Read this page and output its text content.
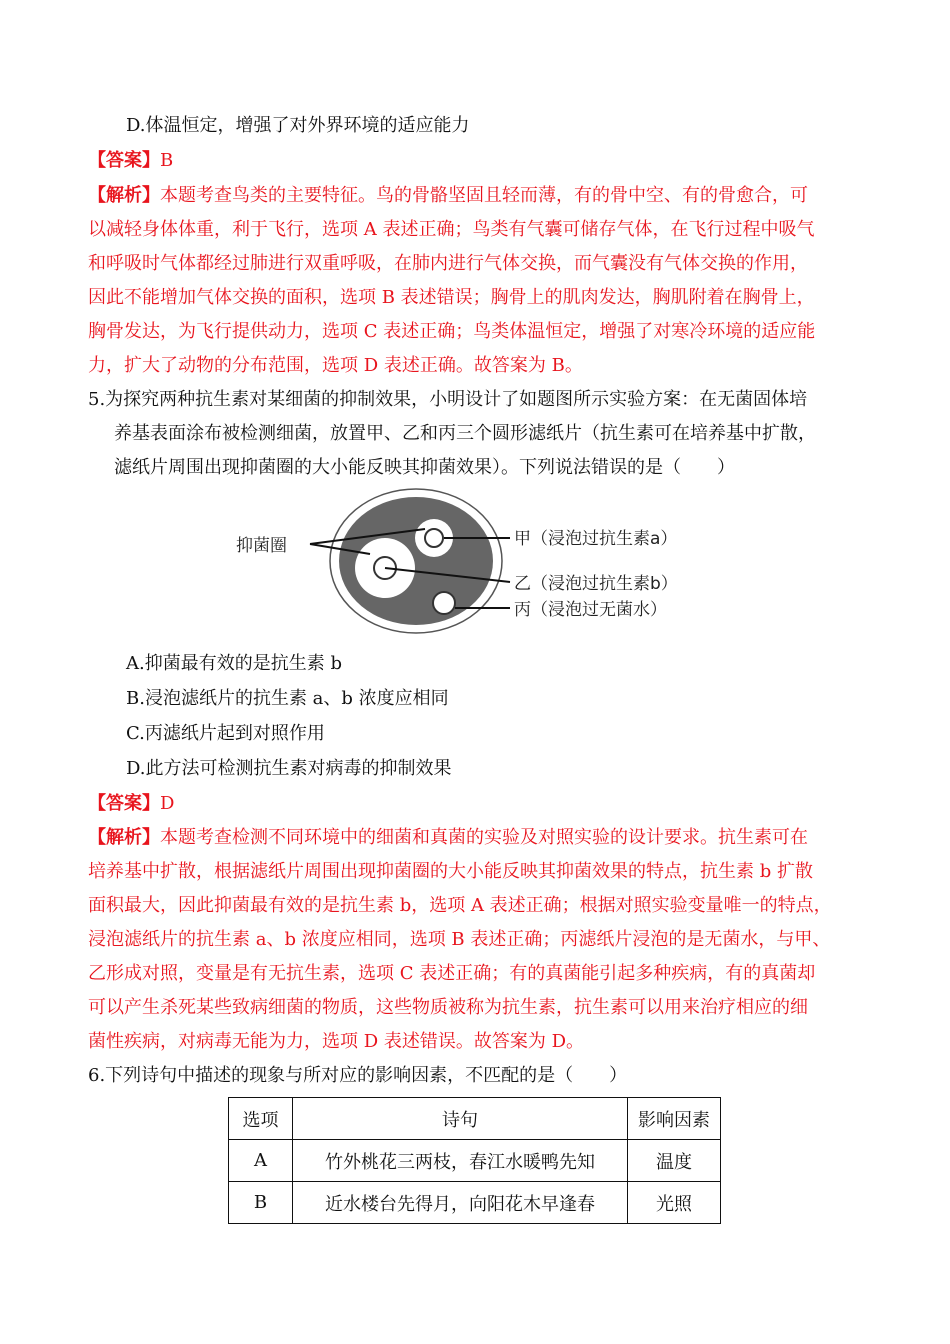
D.体温恒定，增强了对外界环境的适应能力
【答案】B
【解析】本题考查鸟类的主要特征。鸟的骨骼坚固且轻而薄，有的骨中空、有的骨愈合，可
以减轻身体体重，利于飞行，选项 A 表述正确；鸟类有气囊可储存气体，在飞行过程中吸气
和呼吸时气体都经过肺进行双重呼吸，在肺内进行气体交换，而气囊没有气体交换的作用，
因此不能增加气体交换的面积，选项 B 表述错误；胸骨上的肌肉发达，胸肌附着在胸骨上，
胸骨发达，为飞行提供动力，选项 C 表述正确；鸟类体温恒定，增强了对寒冷环境的适应能
力，扩大了动物的分布范围，选项 D 表述正确。故答案为 B。
5.为探究两种抗生素对某细菌的抑制效果，小明设计了如题图所示实验方案：在无菌固体培
养基表面涂布被检测细菌，放置甲、乙和丙三个圆形滤纸片（抗生素可在培养基中扩散，
滤纸片周围出现抑菌圈的大小能反映其抑菌效果）。下列说法错误的是（　　）
抑菌圈	甲（浸泡过抗生素a）
乙（浸泡过抗生素b）
丙（浸泡过无菌水）
A.抑菌最有效的是抗生素 b
B.浸泡滤纸片的抗生素 a、b 浓度应相同
C.丙滤纸片起到对照作用
D.此方法可检测抗生素对病毒的抑制效果
【答案】D
【解析】本题考查检测不同环境中的细菌和真菌的实验及对照实验的设计要求。抗生素可在
培养基中扩散，根据滤纸片周围出现抑菌圈的大小能反映其抑菌效果的特点，抗生素 b 扩散
面积最大，因此抑菌最有效的是抗生素 b，选项 A 表述正确；根据对照实验变量唯一的特点，
浸泡滤纸片的抗生素 a、b 浓度应相同，选项 B 表述正确；丙滤纸片浸泡的是无菌水，与甲、
乙形成对照，变量是有无抗生素，选项 C 表述正确；有的真菌能引起多种疾病，有的真菌却
可以产生杀死某些致病细菌的物质，这些物质被称为抗生素，抗生素可以用来治疗相应的细
菌性疾病，对病毒无能为力，选项 D 表述错误。故答案为 D。
6.下列诗句中描述的现象与所对应的影响因素，不匹配的是（　　）
选项	诗句	影响因素
A	竹外桃花三两枝，春江水暖鸭先知	温度
B	近水楼台先得月，向阳花木早逢春	光照
